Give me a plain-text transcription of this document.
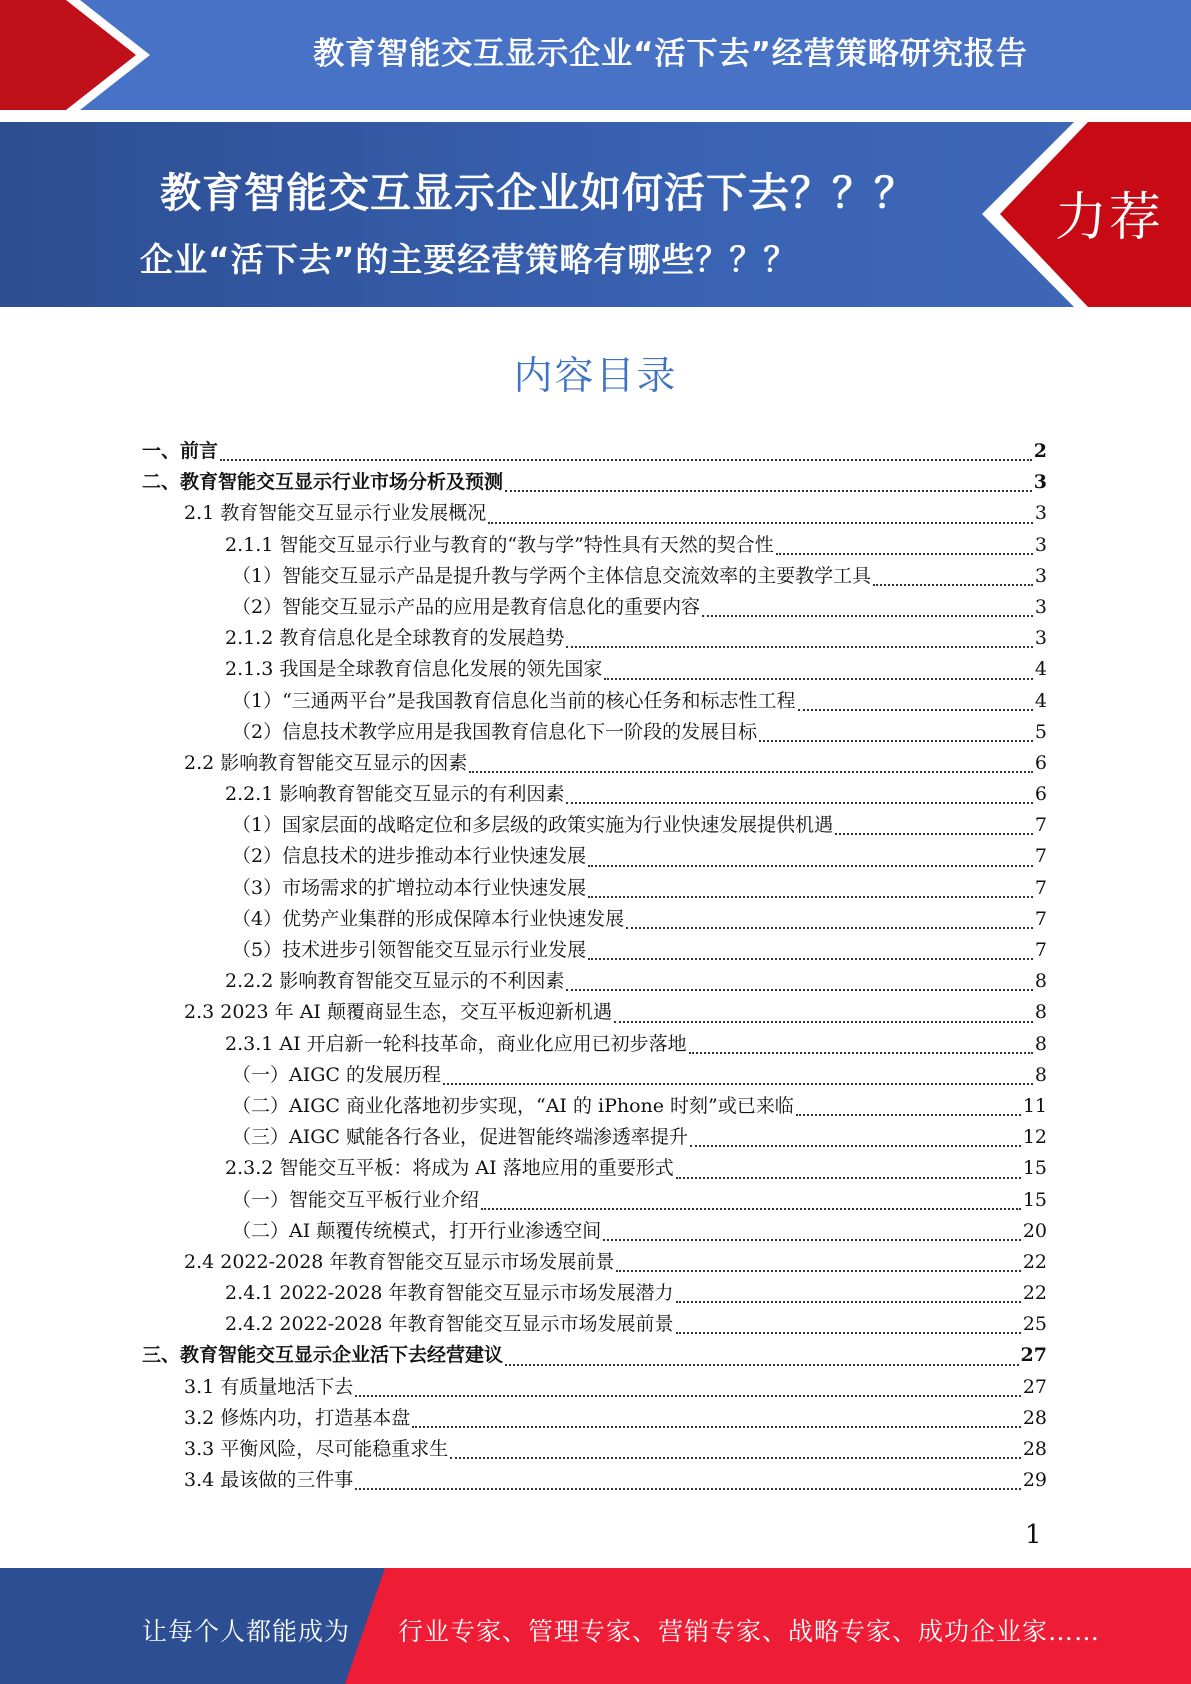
教育智能交互显示企业“活下去”经营策略研究报告
教育智能交互显示企业如何活下去？？？
企业“活下去”的主要经营策略有哪些？？？
力荐
内容目录
一、前言	2
二、教育智能交互显示行业市场分析及预测	3
2.1 教育智能交互显示行业发展概况	3
2.1.1 智能交互显示行业与教育的“教与学”特性具有天然的契合性	3
（1）智能交互显示产品是提升教与学两个主体信息交流效率的主要教学工具	3
（2）智能交互显示产品的应用是教育信息化的重要内容	3
2.1.2 教育信息化是全球教育的发展趋势	3
2.1.3 我国是全球教育信息化发展的领先国家	4
（1）“三通两平台”是我国教育信息化当前的核心任务和标志性工程	4
（2）信息技术教学应用是我国教育信息化下一阶段的发展目标	5
2.2 影响教育智能交互显示的因素	6
2.2.1 影响教育智能交互显示的有利因素	6
（1）国家层面的战略定位和多层级的政策实施为行业快速发展提供机遇	7
（2）信息技术的进步推动本行业快速发展	7
（3）市场需求的扩增拉动本行业快速发展	7
（4）优势产业集群的形成保障本行业快速发展	7
（5）技术进步引领智能交互显示行业发展	7
2.2.2 影响教育智能交互显示的不利因素	8
2.3 2023 年 AI 颠覆商显生态，交互平板迎新机遇	8
2.3.1 AI 开启新一轮科技革命，商业化应用已初步落地	8
（一）AIGC 的发展历程	8
（二）AIGC 商业化落地初步实现，“AI 的 iPhone 时刻”或已来临	11
（三）AIGC 赋能各行各业，促进智能终端渗透率提升	12
2.3.2 智能交互平板：将成为 AI 落地应用的重要形式	15
（一）智能交互平板行业介绍	15
（二）AI 颠覆传统模式，打开行业渗透空间	20
2.4 2022-2028 年教育智能交互显示市场发展前景	22
2.4.1 2022-2028 年教育智能交互显示市场发展潜力	22
2.4.2 2022-2028 年教育智能交互显示市场发展前景	25
三、教育智能交互显示企业活下去经营建议	27
3.1 有质量地活下去	27
3.2 修炼内功，打造基本盘	28
3.3 平衡风险，尽可能稳重求生	28
3.4 最该做的三件事	29
1
让每个人都能成为 行业专家、管理专家、营销专家、战略专家、成功企业家……
